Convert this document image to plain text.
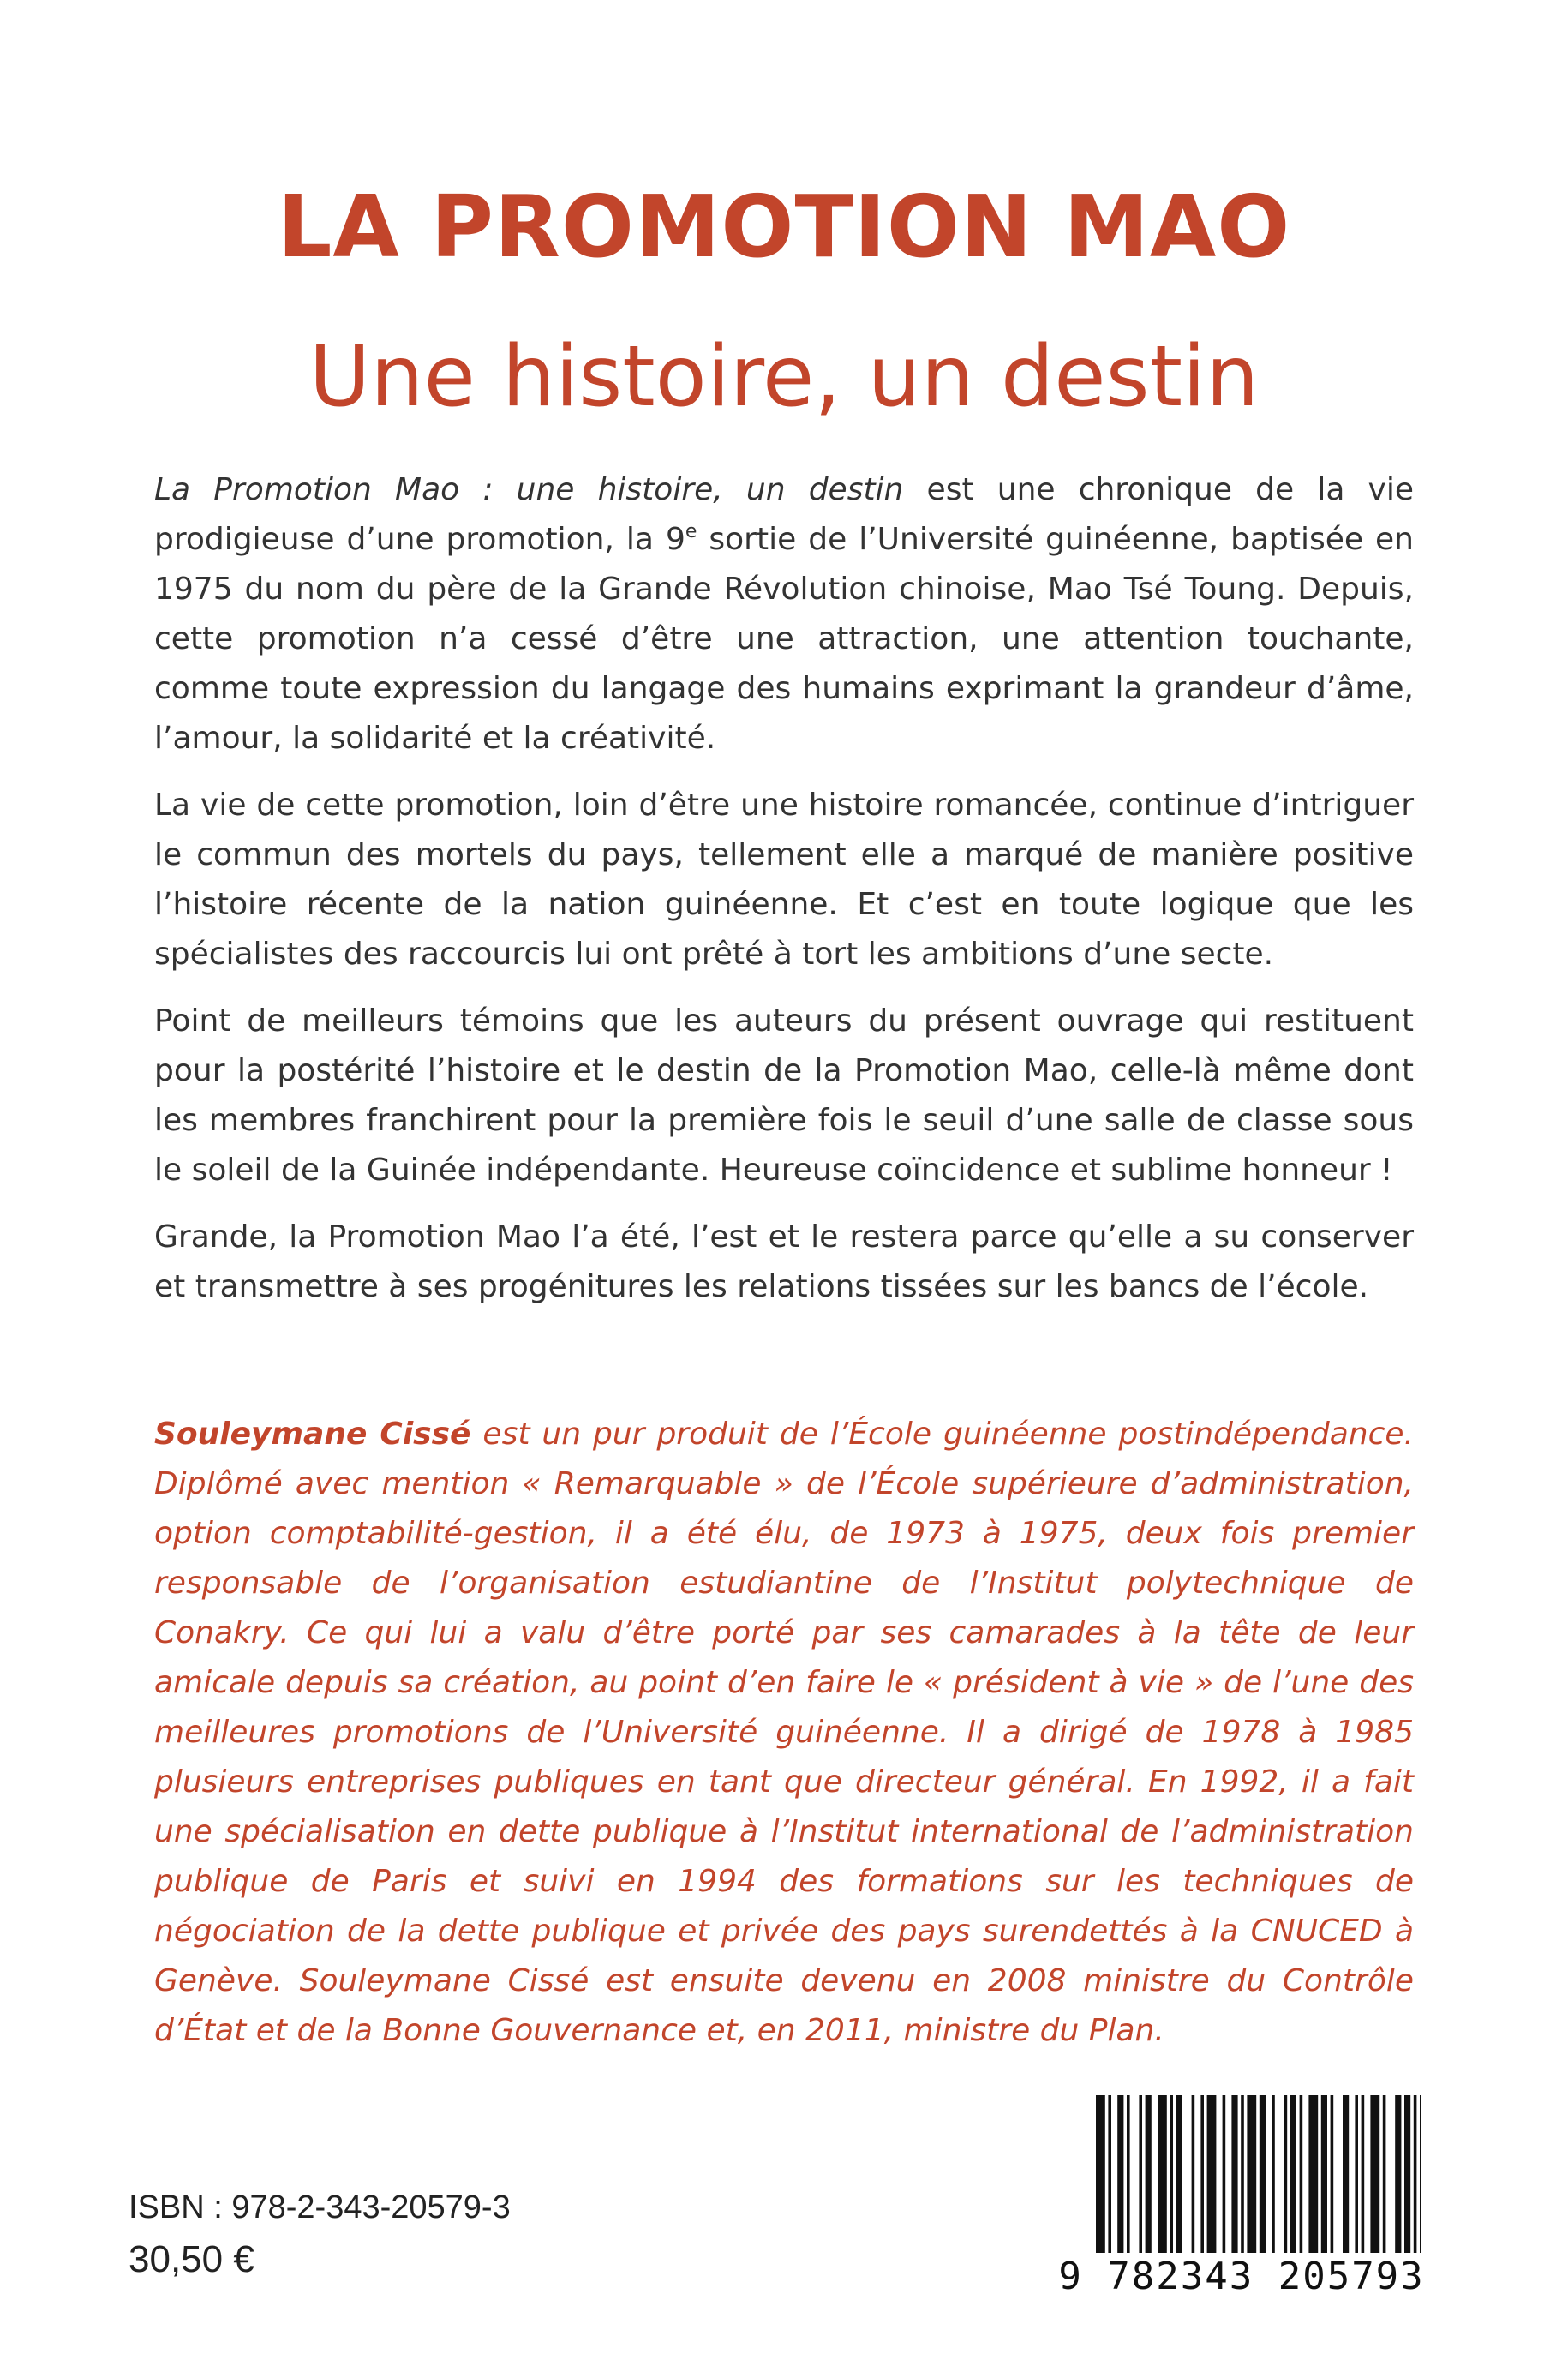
LA PROMOTION MAO
Une histoire, un destin

La Promotion Mao : une histoire, un destin est une chronique de la vie prodigieuse d’une promotion, la 9e sortie de l’Université guinéenne, baptisée en 1975 du nom du père de la Grande Révolution chinoise, Mao Tsé Toung. Depuis, cette promotion n’a cessé d’être une attraction, une attention touchante, comme toute expression du langage des humains exprimant la grandeur d’âme, l’amour, la solidarité et la créativité.

La vie de cette promotion, loin d’être une histoire romancée, continue d’intriguer le commun des mortels du pays, tellement elle a marqué de manière positive l’histoire récente de la nation guinéenne. Et c’est en toute logique que les spécialistes des raccourcis lui ont prêté à tort les ambitions d’une secte.

Point de meilleurs témoins que les auteurs du présent ouvrage qui restituent pour la postérité l’histoire et le destin de la Promotion Mao, celle-là même dont les membres franchirent pour la première fois le seuil d’une salle de classe sous le soleil de la Guinée indépendante. Heureuse coïncidence et sublime honneur !

Grande, la Promotion Mao l’a été, l’est et le restera parce qu’elle a su conserver et transmettre à ses progénitures les relations tissées sur les bancs de l’école.

Souleymane Cissé est un pur produit de l’École guinéenne postindépendance. Diplômé avec mention « Remarquable » de l’École supérieure d’administration, option comptabilité-gestion, il a été élu, de 1973 à 1975, deux fois premier responsable de l’organisation estudiantine de l’Institut polytechnique de Conakry. Ce qui lui a valu d’être porté par ses camarades à la tête de leur amicale depuis sa création, au point d’en faire le « président à vie » de l’une des meilleures promotions de l’Université guinéenne. Il a dirigé de 1978 à 1985 plusieurs entreprises publiques en tant que directeur général. En 1992, il a fait une spécialisation en dette publique à l’Institut international de l’administration publique de Paris et suivi en 1994 des formations sur les techniques de négociation de la dette publique et privée des pays surendettés à la CNUCED à Genève. Souleymane Cissé est ensuite devenu en 2008 ministre du Contrôle d’État et de la Bonne Gouvernance et, en 2011, ministre du Plan.

ISBN : 978-2-343-20579-3
30,50 €	9 782343 205793
